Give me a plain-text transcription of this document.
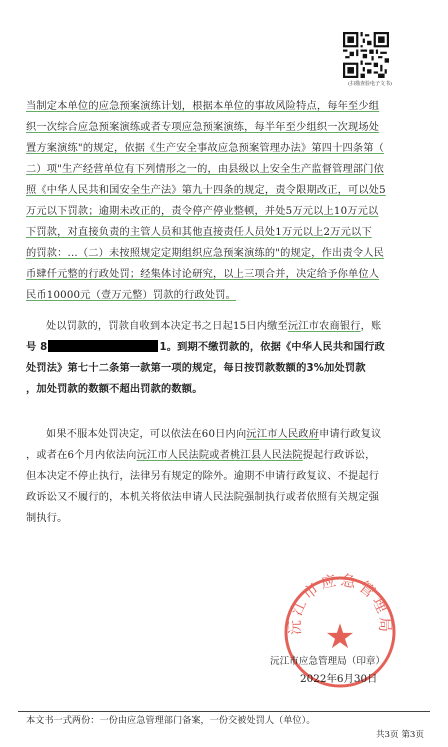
(扫描查验电子文书)
当制定本单位的应急预案演练计划，根据本单位的事故风险特点，每年至少组
织一次综合应急预案演练或者专项应急预案演练，每半年至少组织一次现场处
置方案演练"的规定，依据《生产安全事故应急预案管理办法》第四十四条第（
二）项"生产经营单位有下列情形之一的，由县级以上安全生产监督管理部门依
照《中华人民共和国安全生产法》第九十四条的规定，责令限期改正，可以处5
万元以下罚款；逾期未改正的，责令停产停业整顿，并处5万元以上10万元以
下罚款，对直接负责的主管人员和其他直接责任人员处1万元以上2万元以下
的罚款：...（二）未按照规定定期组织应急预案演练的"的规定，作出责令人民
币肆仟元整的行政处罚；经集体讨论研究，以上三项合并，决定给予你单位人
民币10000元（壹万元整）罚款的行政处罚。
处以罚款的，罚款自收到本决定书之日起15日内缴至沅江市农商银行，账
号 8	1。到期不缴罚款的，依据《中华人民共和国行政
处罚法》第七十二条第一款第一项的规定，每日按罚款数额的3%加处罚款
，加处罚款的数额不超出罚款的数额。
如果不服本处罚决定，可以依法在60日内向沅江市人民政府申请行政复议
，或者在6个月内依法向沅江市人民法院或者桃江县人民法院提起行政诉讼，
但本决定不停止执行，法律另有规定的除外。逾期不申请行政复议、不提起行
政诉讼又不履行的，本机关将依法申请人民法院强制执行或者依照有关规定强
制执行。
沅江市应急管理局
★
沅江市应急管理局（印章）
2022年6月30日
本文书一式两份：一份由应急管理部门备案，一份交被处罚人（单位）。
共3页 第3页
